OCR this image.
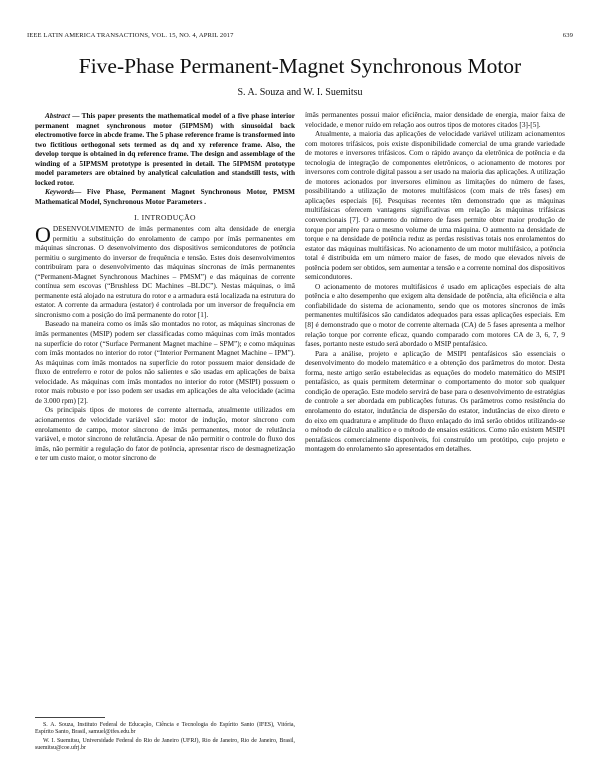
IEEE LATIN AMERICA TRANSACTIONS, VOL. 15, NO. 4, APRIL 2017	639
Five-Phase Permanent-Magnet Synchronous Motor
S. A. Souza and W. I. Suemitsu

Abstract — This paper presents the mathematical model of a five phase interior permanent magnet synchronous motor (5IPMSM) with sinusoidal back electromotive force in abcde frame. The 5 phase reference frame is transformed into two fictitious orthogonal sets termed as dq and xy reference frame. Also, the develop torque is obtained in dq reference frame. The design and assemblage of the winding of a 5IPMSM prototype is presented in detail. The 5IPMSM prototype model parameters are obtained by analytical calculation and standstill tests, with locked rotor.

Keywords— Five Phase, Permanent Magnet Synchronous Motor, PMSM Mathematical Model, Synchronous Motor Parameters .

I. INTRODUÇÃO

ODESENVOLVIMENTO de ímãs permanentes com alta densidade de energia permitiu a substituição do enrolamento de campo por ímãs permanentes em máquinas síncronas. O desenvolvimento dos dispositivos semicondutores de potência permitiu o surgimento do inversor de frequência e tensão. Estes dois desenvolvimentos contribuíram para o desenvolvimento das máquinas síncronas de ímãs permanentes (“Permanent-Magnet Synchronous Machines – PMSM”) e das máquinas de corrente contínua sem escovas (“Brushless DC Machines –BLDC”). Nestas máquinas, o ímã permanente está alojado na estrutura do rotor e a armadura está localizada na estrutura do estator. A corrente da armadura (estator) é controlada por um inversor de frequência em sincronismo com a posição do ímã permanente do rotor [1].

Baseado na maneira como os ímãs são montados no rotor, as máquinas síncronas de ímãs permanentes (MSIP) podem ser classificadas como máquinas com ímãs montados na superfície do rotor (“Surface Permanent Magnet machine – SPM”); e como máquinas com ímãs montados no interior do rotor (“Interior Permanent Magnet Machine – IPM”). As máquinas com ímãs montados na superfície do rotor possuem maior densidade de fluxo de entreferro e rotor de polos não salientes e são usadas em aplicações de baixa velocidade. As máquinas com ímãs montados no interior do rotor (MSIPI) possuem o rotor mais robusto e por isso podem ser usadas em aplicações de alta velocidade (acima de 3.000 rpm) [2].

Os principais tipos de motores de corrente alternada, atualmente utilizados em acionamentos de velocidade variável são: motor de indução, motor síncrono com enrolamento de campo, motor síncrono de ímãs permanentes, motor de relutância variável, e motor síncrono de relutância. Apesar de não permitir o controle do fluxo dos ímãs, não permitir a regulação do fator de potência, apresentar risco de desmagnetização e ter um custo maior, o motor síncrono de

ímãs permanentes possui maior eficiência, maior densidade de energia, maior faixa de velocidade, e menor ruído em relação aos outros tipos de motores citados [3]-[5].

Atualmente, a maioria das aplicações de velocidade variável utilizam acionamentos com motores trifásicos, pois existe disponibilidade comercial de uma grande variedade de motores e inversores trifásicos. Com o rápido avanço da eletrônica de potência e da tecnologia de integração de componentes eletrônicos, o acionamento de motores por inversores com controle digital passou a ser usado na maioria das aplicações. A utilização de motores acionados por inversores eliminou as limitações do número de fases, possibilitando a utilização de motores multifásicos (com mais de três fases) em aplicações especiais [6]. Pesquisas recentes têm demonstrado que as máquinas multifásicas oferecem vantagens significativas em relação às máquinas trifásicas convencionais [7]. O aumento do número de fases permite obter maior produção de torque por ampère para o mesmo volume de uma máquina. O aumento na densidade de torque e na densidade de potência reduz as perdas resistivas totais nos enrolamentos do estator das máquinas multifásicas. No acionamento de um motor multifásico, a potência total é distribuída em um número maior de fases, de modo que elevados níveis de potência podem ser obtidos, sem aumentar a tensão e a corrente nominal dos dispositivos semicondutores.

O acionamento de motores multifásicos é usado em aplicações especiais de alta potência e alto desempenho que exigem alta densidade de potência, alta eficiência e alta confiabilidade do sistema de acionamento, sendo que os motores síncronos de ímãs permanentes multifásicos são candidatos adequados para essas aplicações especiais. Em [8] é demonstrado que o motor de corrente alternada (CA) de 5 fases apresenta a melhor relação torque por corrente eficaz, quando comparado com motores CA de 3, 6, 7, 9 fases, portanto neste estudo será abordado o MSIP pentafásico.

Para a análise, projeto e aplicação de MSIPI pentafásicos são essenciais o desenvolvimento do modelo matemático e a obtenção dos parâmetros do motor. Desta forma, neste artigo serão estabelecidas as equações do modelo matemático do MSIPI pentafásico, as quais permitem determinar o comportamento do motor sob qualquer condição de operação. Este modelo servirá de base para o desenvolvimento de estratégias de controle a ser abordada em publicações futuras. Os parâmetros como resistência do enrolamento do estator, indutância de dispersão do estator, indutâncias de eixo direto e do eixo em quadratura e amplitude do fluxo enlaçado do imã serão obtidos utilizando-se o método de cálculo analítico e o método de ensaios estáticos. Como não existem MSIPI pentafásicos comercialmente disponíveis, foi construído um protótipo, cujo projeto e montagem do enrolamento são apresentados em detalhes.

S. A. Souza, Instituto Federal de Educação, Ciência e Tecnologia do Espírito Santo (IFES), Vitória, Espírito Santo, Brasil, samuel@ifes.edu.br

W. I. Suemitsu, Universidade Federal do Rio de Janeiro (UFRJ), Rio de Janeiro, Rio de Janeiro, Brasil, suemitsu@coe.ufrj.br
